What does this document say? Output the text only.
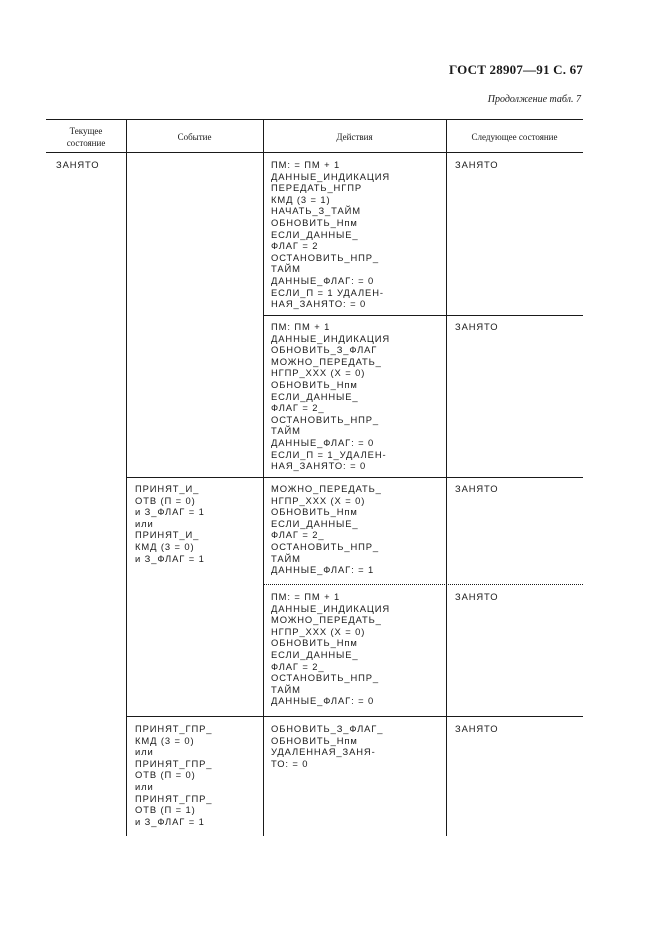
ГОСТ 28907—91 С. 67
Продолжение табл. 7
Текущее
состояние
Событие	Действия	Следующее состояние
ЗАНЯТО
ПРИНЯТ_И_
ОТВ (П = 0)
и З_ФЛАГ = 1
или
ПРИНЯТ_И_
КМД (3 = 0)
и З_ФЛАГ = 1
ПРИНЯТ_ГПР_
КМД (3 = 0)
или
ПРИНЯТ_ГПР_
ОТВ (П = 0)
или
ПРИНЯТ_ГПР_
ОТВ (П = 1)
и З_ФЛАГ = 1
ПМ: = ПМ + 1
ДАННЫЕ_ИНДИКАЦИЯ
ПЕРЕДАТЬ_НГПР
КМД (3 = 1)
НАЧАТЬ_З_ТАЙМ
ОБНОВИТЬ_Нпм
ЕСЛИ_ДАННЫЕ_
ФЛАГ = 2
ОСТАНОВИТЬ_НПР_
ТАЙМ
ДАННЫЕ_ФЛАГ: = 0
ЕСЛИ_П = 1 УДАЛЕН-
НАЯ_ЗАНЯТО: = 0
ПМ: ПМ + 1
ДАННЫЕ_ИНДИКАЦИЯ
ОБНОВИТЬ_З_ФЛАГ
МОЖНО_ПЕРЕДАТЬ_
НГПР_ХХХ (Х = 0)
ОБНОВИТЬ_Нпм
ЕСЛИ_ДАННЫЕ_
ФЛАГ = 2_
ОСТАНОВИТЬ_НПР_
ТАЙМ
ДАННЫЕ_ФЛАГ: = 0
ЕСЛИ_П = 1_УДАЛЕН-
НАЯ_ЗАНЯТО: = 0
МОЖНО_ПЕРЕДАТЬ_
НГПР_ХХХ (Х = 0)
ОБНОВИТЬ_Нпм
ЕСЛИ_ДАННЫЕ_
ФЛАГ = 2_
ОСТАНОВИТЬ_НПР_
ТАЙМ
ДАННЫЕ_ФЛАГ: = 1
ПМ: = ПМ + 1
ДАННЫЕ_ИНДИКАЦИЯ
МОЖНО_ПЕРЕДАТЬ_
НГПР_ХХХ (Х = 0)
ОБНОВИТЬ_Нпм
ЕСЛИ_ДАННЫЕ_
ФЛАГ = 2_
ОСТАНОВИТЬ_НПР_
ТАЙМ
ДАННЫЕ_ФЛАГ: = 0
ОБНОВИТЬ_З_ФЛАГ_
ОБНОВИТЬ_Нпм
УДАЛЕННАЯ_ЗАНЯ-
ТО: = 0
ЗАНЯТО
ЗАНЯТО
ЗАНЯТО
ЗАНЯТО
ЗАНЯТО
